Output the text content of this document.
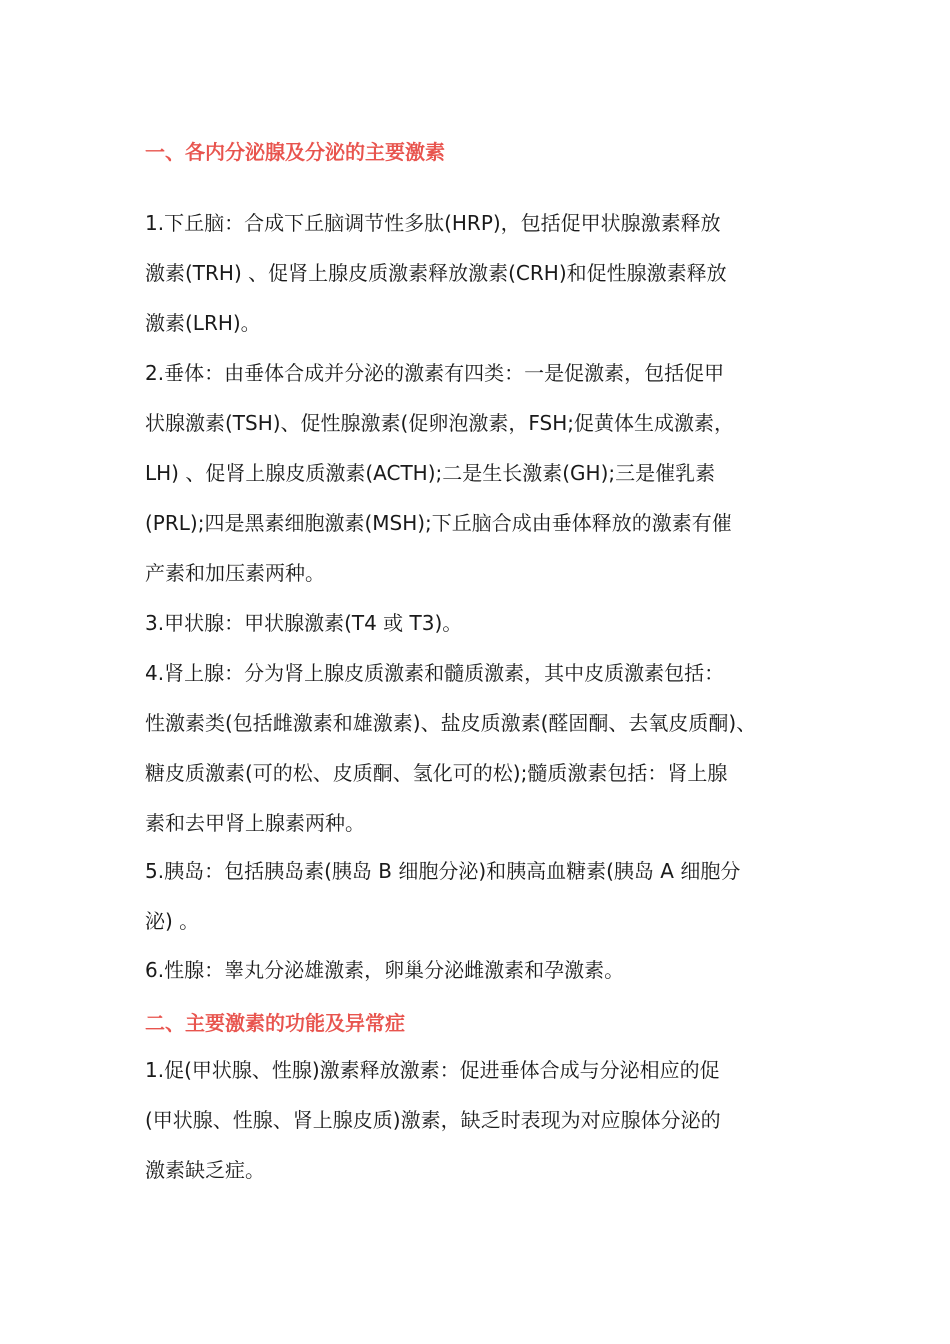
一、各内分泌腺及分泌的主要激素
1.下丘脑：合成下丘脑调节性多肽(HRP)，包括促甲状腺激素释放
激素(TRH) 、促肾上腺皮质激素释放激素(CRH)和促性腺激素释放
激素(LRH)。
2.垂体：由垂体合成并分泌的激素有四类：一是促激素，包括促甲
状腺激素(TSH)、促性腺激素(促卵泡激素，FSH;促黄体生成激素，
LH) 、促肾上腺皮质激素(ACTH);二是生长激素(GH);三是催乳素
(PRL);四是黑素细胞激素(MSH);下丘脑合成由垂体释放的激素有催
产素和加压素两种。
3.甲状腺：甲状腺激素(T4 或 T3)。
4.肾上腺：分为肾上腺皮质激素和髓质激素，其中皮质激素包括：
性激素类(包括雌激素和雄激素)、盐皮质激素(醛固酮、去氧皮质酮)、
糖皮质激素(可的松、皮质酮、氢化可的松);髓质激素包括：肾上腺
素和去甲肾上腺素两种。
5.胰岛：包括胰岛素(胰岛 B 细胞分泌)和胰高血糖素(胰岛 A 细胞分
泌) 。
6.性腺：睾丸分泌雄激素，卵巢分泌雌激素和孕激素。
二、主要激素的功能及异常症
1.促(甲状腺、性腺)激素释放激素：促进垂体合成与分泌相应的促
(甲状腺、性腺、肾上腺皮质)激素，缺乏时表现为对应腺体分泌的
激素缺乏症。
